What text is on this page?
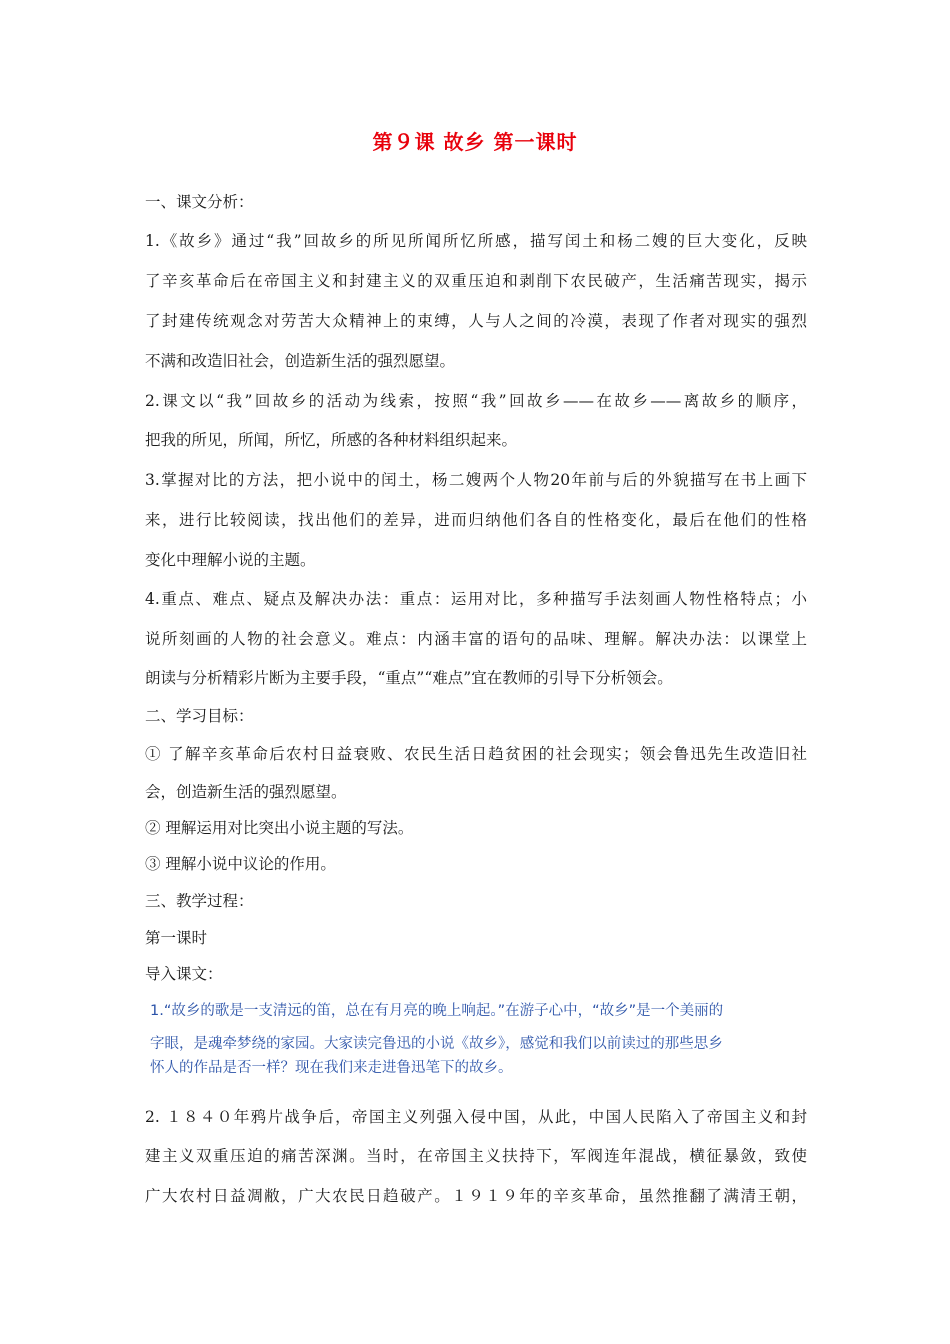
第９课 故乡 第一课时
一、课文分析：
1.《故乡》通过“我”回故乡的所见所闻所忆所感，描写闰土和杨二嫂的巨大变化，反映
了辛亥革命后在帝国主义和封建主义的双重压迫和剥削下农民破产，生活痛苦现实，揭示
了封建传统观念对劳苦大众精神上的束缚，人与人之间的冷漠，表现了作者对现实的强烈
不满和改造旧社会，创造新生活的强烈愿望。
2.课文以“我”回故乡的活动为线索，按照“我”回故乡——在故乡——离故乡的顺序，
把我的所见，所闻，所忆，所感的各种材料组织起来。
3.掌握对比的方法，把小说中的闰土，杨二嫂两个人物20年前与后的外貌描写在书上画下
来，进行比较阅读，找出他们的差异，进而归纳他们各自的性格变化，最后在他们的性格
变化中理解小说的主题。
4.重点、难点、疑点及解决办法：重点：运用对比，多种描写手法刻画人物性格特点；小
说所刻画的人物的社会意义。难点：内涵丰富的语句的品味、理解。解决办法：以课堂上
朗读与分析精彩片断为主要手段，“重点”“难点”宜在教师的引导下分析领会。
二、学习目标：
① 了解辛亥革命后农村日益衰败、农民生活日趋贫困的社会现实；领会鲁迅先生改造旧社
会，创造新生活的强烈愿望。
② 理解运用对比突出小说主题的写法。
③ 理解小说中议论的作用。
三、教学过程：
第一课时
导入课文：
1.“故乡的歌是一支清远的笛，总在有月亮的晚上响起。”在游子心中，“故乡”是一个美丽的
字眼，是魂牵梦绕的家园。大家读完鲁迅的小说《故乡》，感觉和我们以前读过的那些思乡
怀人的作品是否一样？现在我们来走进鲁迅笔下的故乡。
2. １８４０年鸦片战争后，帝国主义列强入侵中国，从此，中国人民陷入了帝国主义和封
建主义双重压迫的痛苦深渊。当时，在帝国主义扶持下，军阀连年混战，横征暴敛，致使
广大农村日益凋敝，广大农民日趋破产。１９１９年的辛亥革命，虽然推翻了满清王朝，
